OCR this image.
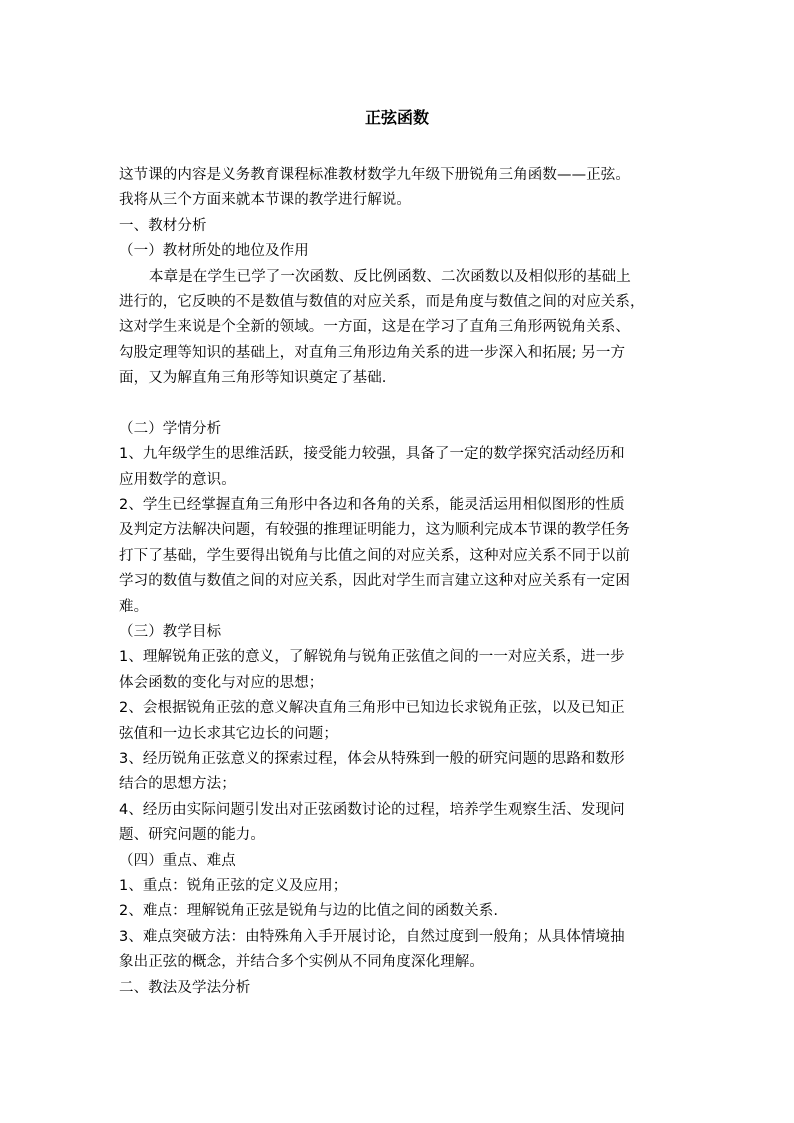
正弦函数
这节课的内容是义务教育课程标准教材数学九年级下册锐角三角函数——正弦。
我将从三个方面来就本节课的教学进行解说。
一、教材分析
（一）教材所处的地位及作用
本章是在学生已学了一次函数、反比例函数、二次函数以及相似形的基础上
进行的，它反映的不是数值与数值的对应关系，而是角度与数值之间的对应关系，
这对学生来说是个全新的领域。一方面，这是在学习了直角三角形两锐角关系、
勾股定理等知识的基础上，对直角三角形边角关系的进一步深入和拓展; 另一方
面，又为解直角三角形等知识奠定了基础.
（二）学情分析
1、九年级学生的思维活跃，接受能力较强，具备了一定的数学探究活动经历和
应用数学的意识。
2、学生已经掌握直角三角形中各边和各角的关系，能灵活运用相似图形的性质
及判定方法解决问题，有较强的推理证明能力，这为顺利完成本节课的教学任务
打下了基础，学生要得出锐角与比值之间的对应关系，这种对应关系不同于以前
学习的数值与数值之间的对应关系，因此对学生而言建立这种对应关系有一定困
难。
（三）教学目标
1、理解锐角正弦的意义，了解锐角与锐角正弦值之间的一一对应关系，进一步
体会函数的变化与对应的思想；
2、会根据锐角正弦的意义解决直角三角形中已知边长求锐角正弦，以及已知正
弦值和一边长求其它边长的问题；
3、经历锐角正弦意义的探索过程，体会从特殊到一般的研究问题的思路和数形
结合的思想方法；
4、经历由实际问题引发出对正弦函数讨论的过程，培养学生观察生活、发现问
题、研究问题的能力。
（四）重点、难点
1、重点：锐角正弦的定义及应用；
2、难点：理解锐角正弦是锐角与边的比值之间的函数关系.
3、难点突破方法：由特殊角入手开展讨论，自然过度到一般角；从具体情境抽
象出正弦的概念，并结合多个实例从不同角度深化理解。
二、教法及学法分析
